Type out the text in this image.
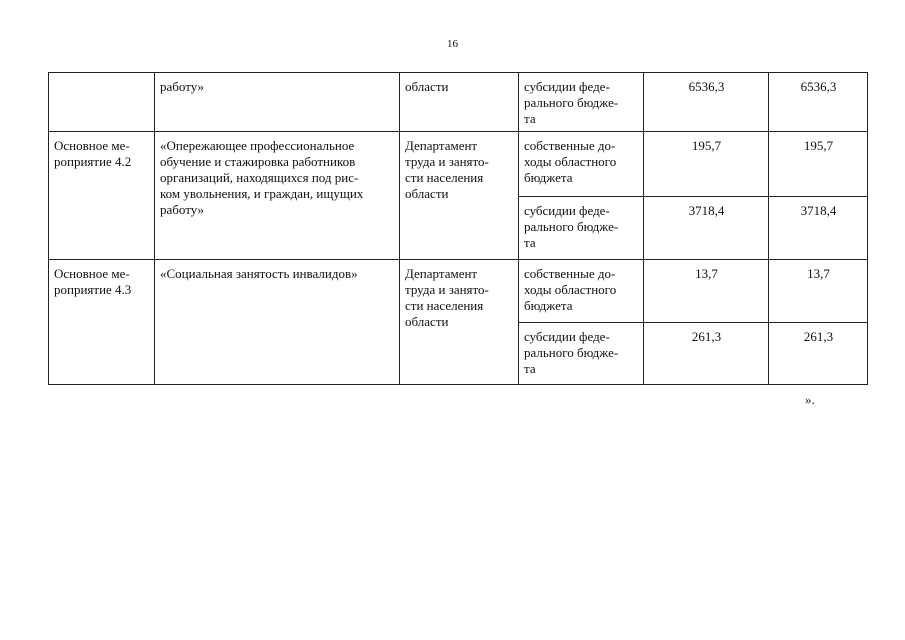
16
	работу»	области	субсидии феде-
рального бюдже-
та	6536,3	6536,3
Основное ме-
роприятие 4.2	«Опережающее профессиональное
обучение и стажировка работников
организаций, находящихся под рис-
ком увольнения, и граждан, ищущих
работу»	Департамент
труда и занято-
сти населения
области	собственные до-
ходы областного
бюджета	195,7	195,7
			субсидии феде-
рального бюдже-
та	3718,4	3718,4
Основное ме-
роприятие 4.3	«Социальная занятость инвалидов»	Департамент
труда и занято-
сти населения
области	собственные до-
ходы областного
бюджета	13,7	13,7
			субсидии феде-
рального бюдже-
та	261,3	261,3
».
